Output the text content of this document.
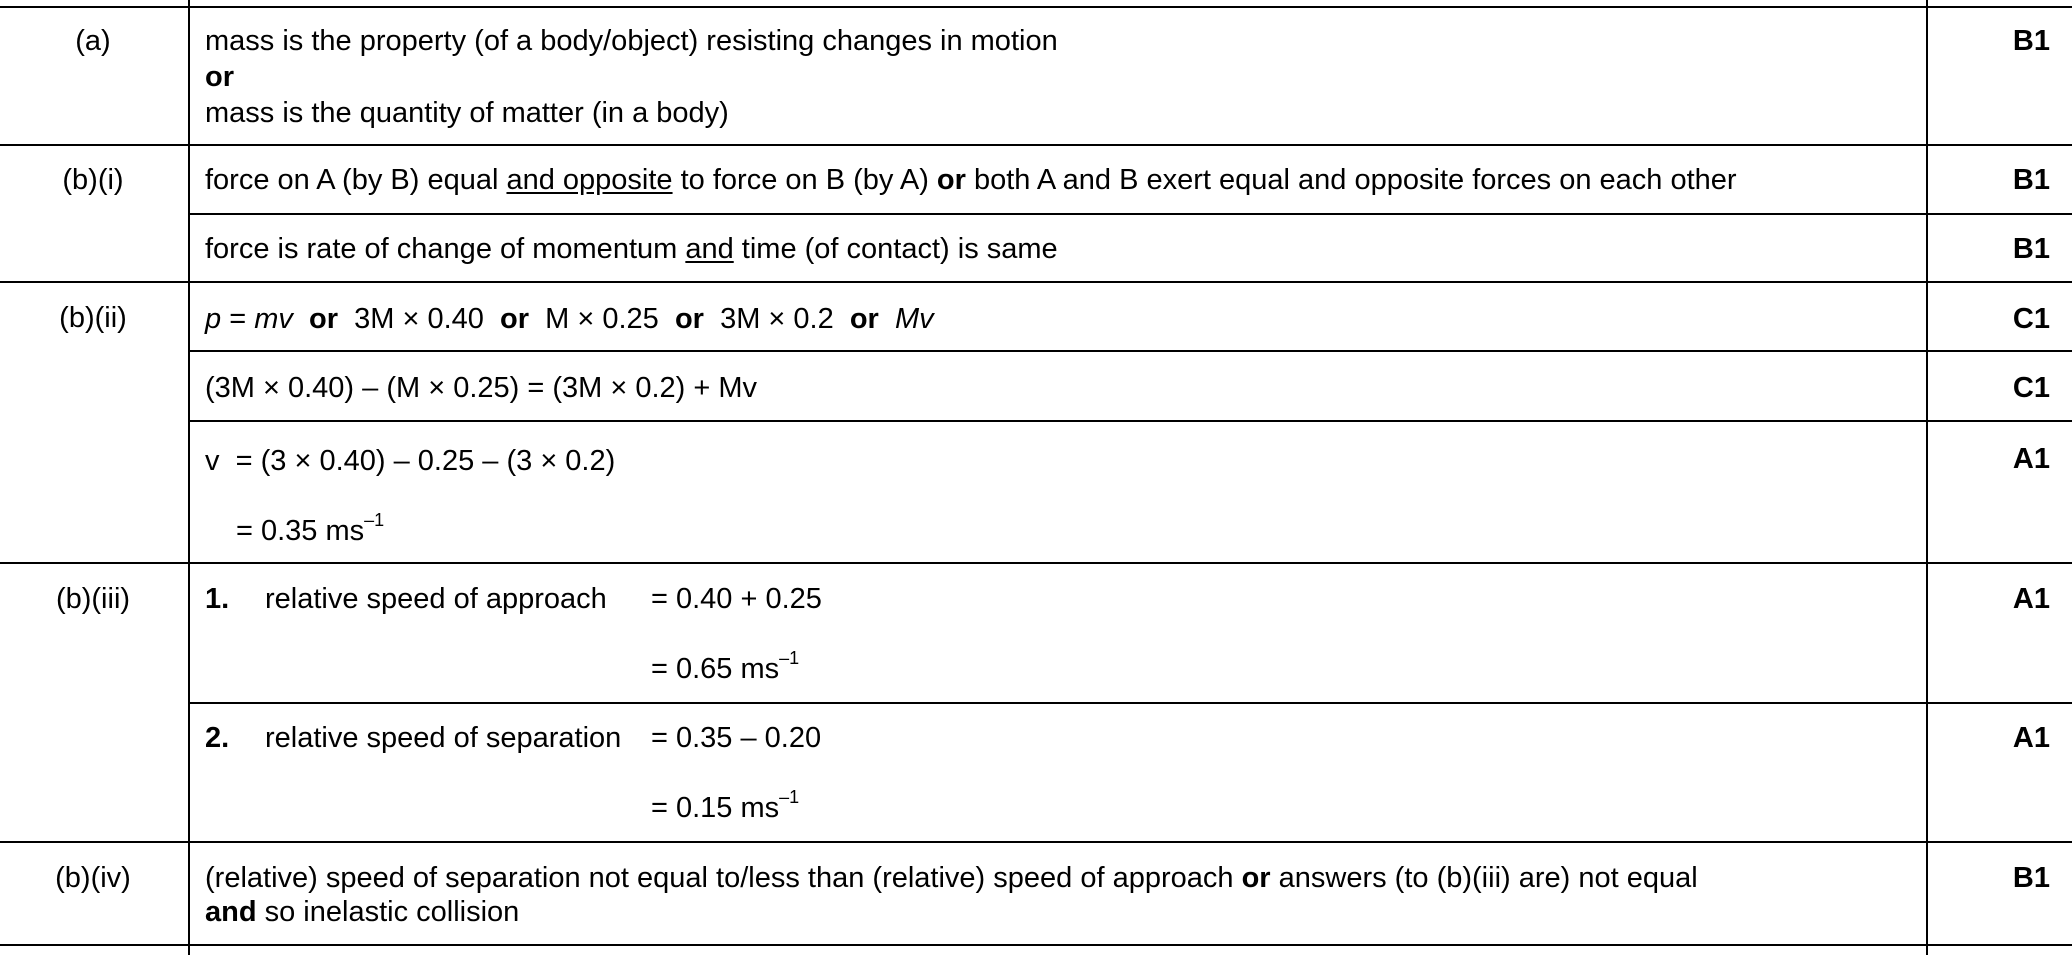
(a)	mass is the property (of a body/object) resisting changes in motion
or
mass is the quantity of matter (in a body)
B1
(b)(i)	force on A (by B) equal and opposite to force on B (by A) or both A and B exert equal and opposite forces on each other	B1
force is rate of change of momentum and time (of contact) is same	B1
(b)(ii)	p = mv or 3M × 0.40 or M × 0.25 or 3M × 0.2 or Mv	C1
(3M × 0.40) – (M × 0.25) = (3M × 0.2) + Mv	C1
v  = (3 × 0.40) – 0.25 – (3 × 0.2)
= 0.35 $ms^{-1}$
A1
(b)(iii)	1. relative speed of approach = 0.40 + 0.25
= 0.65 $ms^{-1}$
A1
2. relative speed of separation = 0.35 – 0.20
= 0.15 $ms^{-1}$
A1
(b)(iv)	(relative) speed of separation not equal to/less than (relative) speed of approach or answers (to (b)(iii) are) not equal
and so inelastic collision
B1
